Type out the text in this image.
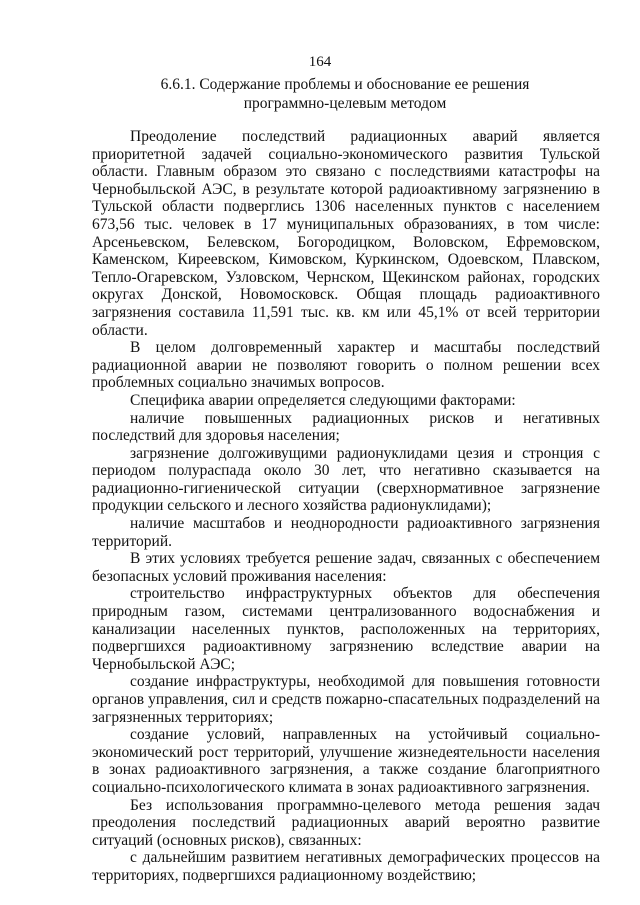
164
6.6.1. Содержание проблемы и обоснование ее решения
программно-целевым методом

Преодоление последствий радиационных аварий является приоритетной задачей социально-экономического развития Тульской области. Главным образом это связано с последствиями катастрофы на Чернобыльской АЭС, в результате которой радиоактивному загрязнению в Тульской области подверглись 1306 населенных пунктов с населением 673,56 тыс. человек в 17 муниципальных образованиях, в том числе: Арсеньевском, Белевском, Богородицком, Воловском, Ефремовском, Каменском, Киреевском, Кимовском, Куркинском, Одоевском, Плавском, Тепло-Огаревском, Узловском, Чернском, Щекинском районах, городских округах Донской, Новомосковск. Общая площадь радиоактивного загрязнения составила 11,591 тыс. кв. км или 45,1% от всей территории области.

В целом долговременный характер и масштабы последствий радиационной аварии не позволяют говорить о полном решении всех проблемных социально значимых вопросов.

Специфика аварии определяется следующими факторами:

наличие повышенных радиационных рисков и негативных последствий для здоровья населения;

загрязнение долгоживущими радионуклидами цезия и стронция с периодом полураспада около 30 лет, что негативно сказывается на радиационно-гигиенической ситуации (сверхнормативное загрязнение продукции сельского и лесного хозяйства радионуклидами);

наличие масштабов и неоднородности радиоактивного загрязнения территорий.

В этих условиях требуется решение задач, связанных с обеспечением безопасных условий проживания населения:

строительство инфраструктурных объектов для обеспечения природным газом, системами централизованного водоснабжения и канализации населенных пунктов, расположенных на территориях, подвергшихся радиоактивному загрязнению вследствие аварии на Чернобыльской АЭС;

создание инфраструктуры, необходимой для повышения готовности органов управления, сил и средств пожарно-спасательных подразделений на загрязненных территориях;

создание условий, направленных на устойчивый социально-экономический рост территорий, улучшение жизнедеятельности населения в зонах радиоактивного загрязнения, а также создание благоприятного социально-психологического климата в зонах радиоактивного загрязнения.

Без использования программно-целевого метода решения задач преодоления последствий радиационных аварий вероятно развитие ситуаций (основных рисков), связанных:

с дальнейшим развитием негативных демографических процессов на территориях, подвергшихся радиационному воздействию;
